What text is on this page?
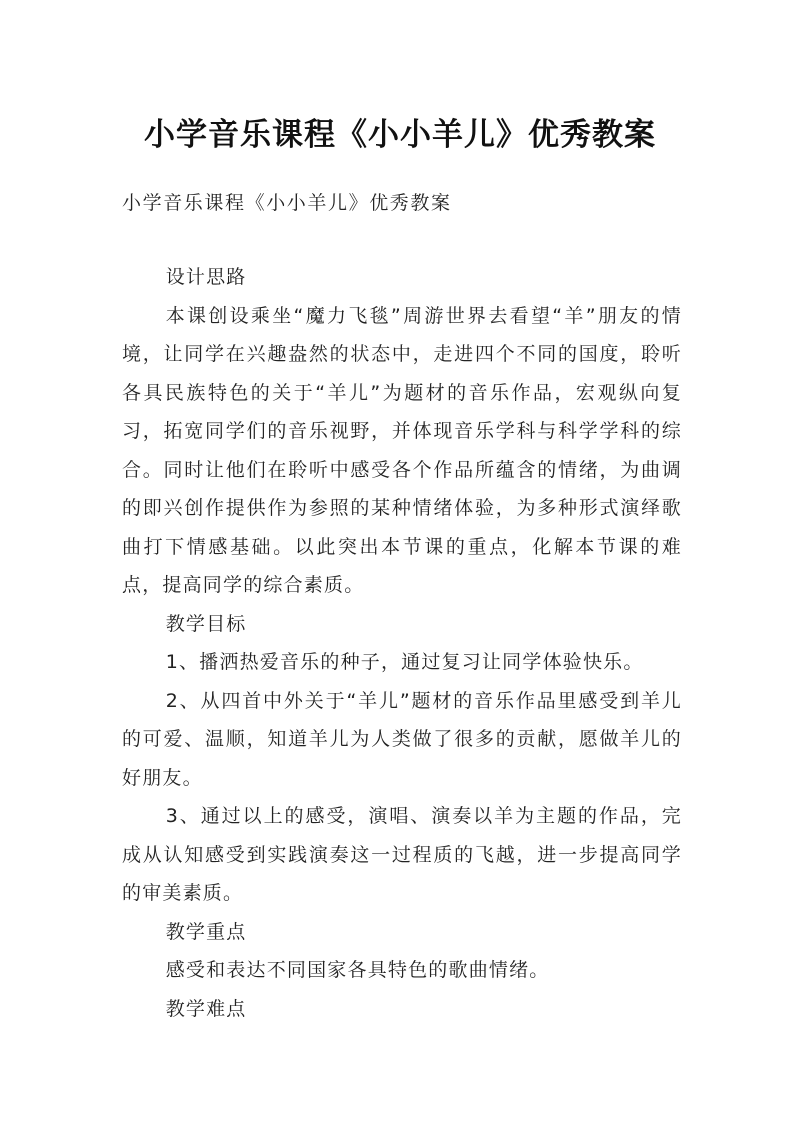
小学音乐课程《小小羊儿》优秀教案
小学音乐课程《小小羊儿》优秀教案

设计思路

本课创设乘坐“魔力飞毯”周游世界去看望“羊”朋友的情境，让同学在兴趣盎然的状态中，走进四个不同的国度，聆听各具民族特色的关于“羊儿”为题材的音乐作品，宏观纵向复习，拓宽同学们的音乐视野，并体现音乐学科与科学学科的综合。同时让他们在聆听中感受各个作品所蕴含的情绪，为曲调的即兴创作提供作为参照的某种情绪体验，为多种形式演绎歌曲打下情感基础。以此突出本节课的重点，化解本节课的难点，提高同学的综合素质。

教学目标

1、播洒热爱音乐的种子，通过复习让同学体验快乐。

2、从四首中外关于“羊儿”题材的音乐作品里感受到羊儿的可爱、温顺，知道羊儿为人类做了很多的贡献，愿做羊儿的好朋友。

3、通过以上的感受，演唱、演奏以羊为主题的作品，完成从认知感受到实践演奏这一过程质的飞越，进一步提高同学的审美素质。

教学重点

感受和表达不同国家各具特色的歌曲情绪。

教学难点
